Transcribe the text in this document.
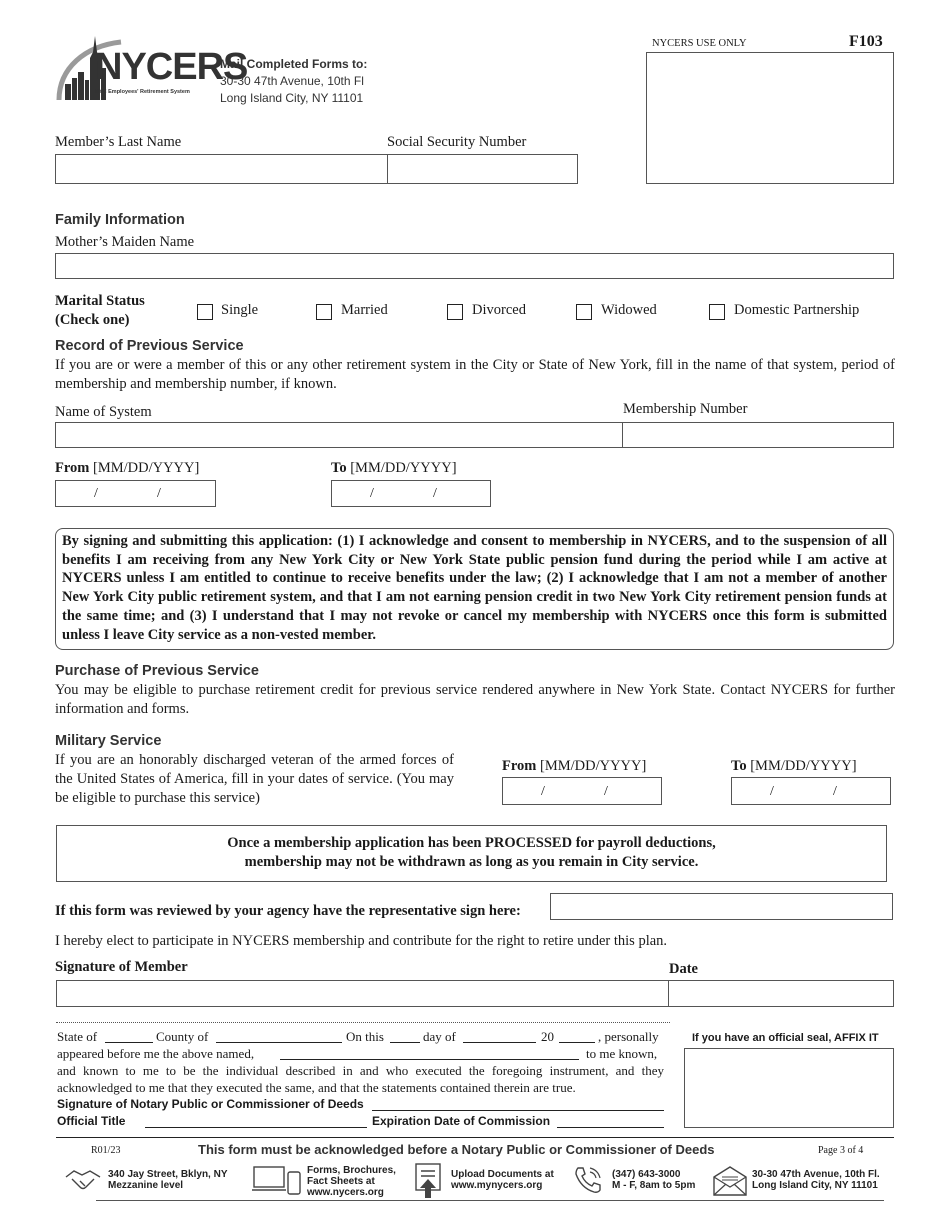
NYCERS
NYC Employees' Retirement System
Mail Completed Forms to:
30-30 47th Avenue, 10th Fl
Long Island City, NY 11101
NYCERS USE ONLY	F103
Member’s Last Name	Social Security Number
Family Information
Mother’s Maiden Name
Marital Status
(Check one)
Single	Married	Divorced	Widowed	Domestic Partnership
Record of Previous Service
If you are or were a member of this or any other retirement system in the City or State of New York, fill in the name of that system, period of membership and membership number, if known.
Name of System	Membership Number
From [MM/DD/YYYY]	To [MM/DD/YYYY]
/	/	/	/
By signing and submitting this application: (1) I acknowledge and consent to membership in NYCERS, and to the suspension of all benefits I am receiving from any New York City or New York State public pension fund during the period while I am active at NYCERS unless I am entitled to continue to receive benefits under the law; (2) I acknowledge that I am not a member of another New York City public retirement system, and that I am not earning pension credit in two New York City retirement pension funds at the same time; and (3) I understand that I may not revoke or cancel my membership with NYCERS once this form is submitted unless I leave City service as a non-vested member.
Purchase of Previous Service
You may be eligible to purchase retirement credit for previous service rendered anywhere in New York State. Contact NYCERS for further information and forms.
Military Service
If you are an honorably discharged veteran of the armed forces of the United States of America, fill in your dates of service. (You may be eligible to purchase this service)
From [MM/DD/YYYY]	To [MM/DD/YYYY]
/	/	/	/
Once a membership application has been PROCESSED for payroll deductions,
membership may not be withdrawn as long as you remain in City service.
If this form was reviewed by your agency have the representative sign here:
I hereby elect to participate in NYCERS membership and contribute for the right to retire under this plan.
Signature of Member	Date
State of	County of	On this	day of	20	, personally
appeared before me the above named,	to me known,
and known to me to be the individual described in and who executed the foregoing instrument, and they acknowledged to me that they executed the same, and that the statements contained therein are true.
Signature of Notary Public or Commissioner of Deeds
Official Title	Expiration Date of Commission
If you have an official seal, AFFIX IT
R01/23	This form must be acknowledged before a Notary Public or Commissioner of Deeds	Page 3 of 4
340 Jay Street, Bklyn, NY
Mezzanine level
Forms, Brochures,
Fact Sheets at
www.nycers.org
Upload Documents at
www.mynycers.org
(347) 643-3000
M - F, 8am to 5pm
30-30 47th Avenue, 10th Fl.
Long Island City, NY 11101
